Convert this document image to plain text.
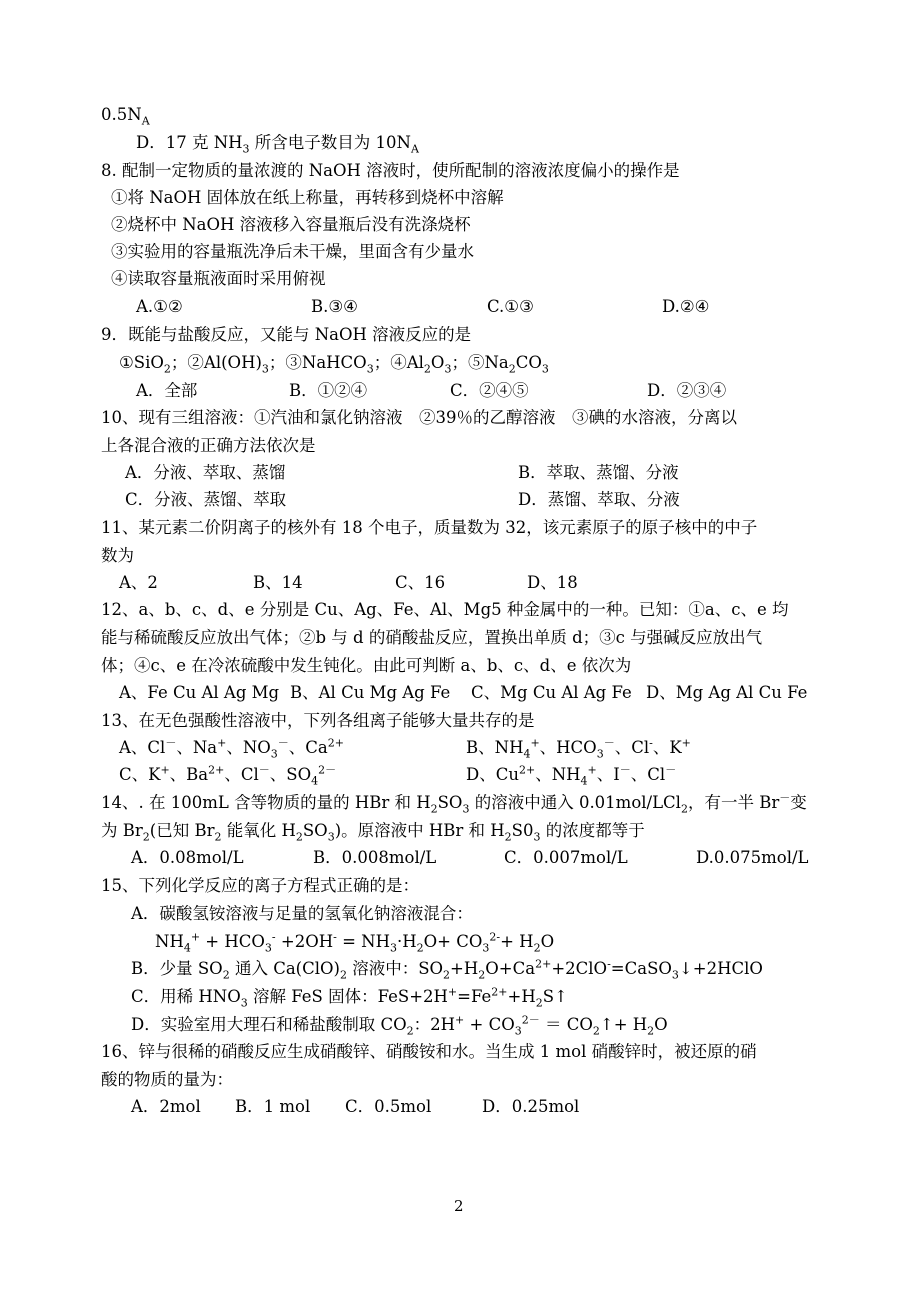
$0.5N_A$
D．17 克 $NH_3$ 所含电子数目为 $10N_A$
8. 配制一定物质的量浓渡的 NaOH 溶液时，使所配制的溶液浓度偏小的操作是
①将 NaOH 固体放在纸上称量，再转移到烧杯中溶解
②烧杯中 NaOH 溶液移入容量瓶后没有洗涤烧杯
③实验用的容量瓶洗净后未干燥，里面含有少量水
④读取容量瓶液面时采用俯视
A.①②	B.③④	C.①③	D.②④
9．既能与盐酸反应，又能与 NaOH 溶液反应的是
①SiO$_2$；$②Al(OH)_3$；③NaHCO$_3$；$④Al_2O_3$；$⑤Na_2CO_3$
A．全部	B．①②④	C．②④⑤	D．②③④
10、现有三组溶液：①汽油和氯化钠溶液　②39％的乙醇溶液　③碘的水溶液，分离以
上各混合液的正确方法依次是
A．分液、萃取、蒸馏	B．萃取、蒸馏、分液
C．分液、蒸馏、萃取	D．蒸馏、萃取、分液
11、某元素二价阴离子的核外有 18 个电子，质量数为 32，该元素原子的原子核中的中子
数为
A、2	B、14	C、16	D、18
12、a、b、c、d、e 分别是 Cu、Ag、Fe、Al、Mg5 种金属中的一种。已知：①a、c、e 均
能与稀硫酸反应放出气体；②b 与 d 的硝酸盐反应，置换出单质 d；③c 与强碱反应放出气
体；④c、e 在冷浓硫酸中发生钝化。由此可判断 a、b、c、d、e 依次为
A、Fe Cu Al Ag Mg B、Al Cu Mg Ag Fe C、Mg Cu Al Ag Fe D、Mg Ag Al Cu Fe
13、在无色强酸性溶液中，下列各组离子能够大量共存的是
A、Cl－、Na+、$NO_3^-$、$Ca^{2+}$	B、$NH_4^+$、$HCO_3^-$、Cl-、K+
C、K+、$Ba^{2+}$、Cl－、$SO_4^{2-}$	D、$Cu^{2+}$、$NH_4^+$、I－、Cl－
14、. 在 100mL 含等物质的量的 HBr 和 $H_2SO_3$ 的溶液中通入 0.01mol/LCl$_2$，有一半 Br－变
为 $Br_2$(已知 $Br_2$ 能氧化 $H_2SO_3$)。原溶液中 HBr 和 $H_2S0_3$ 的浓度都等于
A．0.08mol/L	B．0.008mol/L	C．0.007mol/L	D.0.075mol/L
15、下列化学反应的离子方程式正确的是：
A．碳酸氢铵溶液与足量的氢氧化钠溶液混合：
$NH_4^+ + HCO_3^- +2OH^- = NH_3\cdot H_2O+ CO_3^{2-}+ H_2O$
B．少量 $SO_2$ 通入 $Ca(ClO)_2$ 溶液中：$SO_2+H_2O+Ca^{2+}+2ClO^-=CaSO_3↓+2HClO$
C．用稀 $HNO_3$ 溶解 FeS 固体：$FeS+2H^+=Fe^{2+}+H_2S↑$
D．实验室用大理石和稀盐酸制取 $CO_2$：$2H^+ + CO_3^{2-}$ ＝ $CO_2↑+ H_2O$
16、锌与很稀的硝酸反应生成硝酸锌、硝酸铵和水。当生成 1 mol 硝酸锌时，被还原的硝
酸的物质的量为：
A．2mol B．1 mol C．0.5mol	D．0.25mol
2
